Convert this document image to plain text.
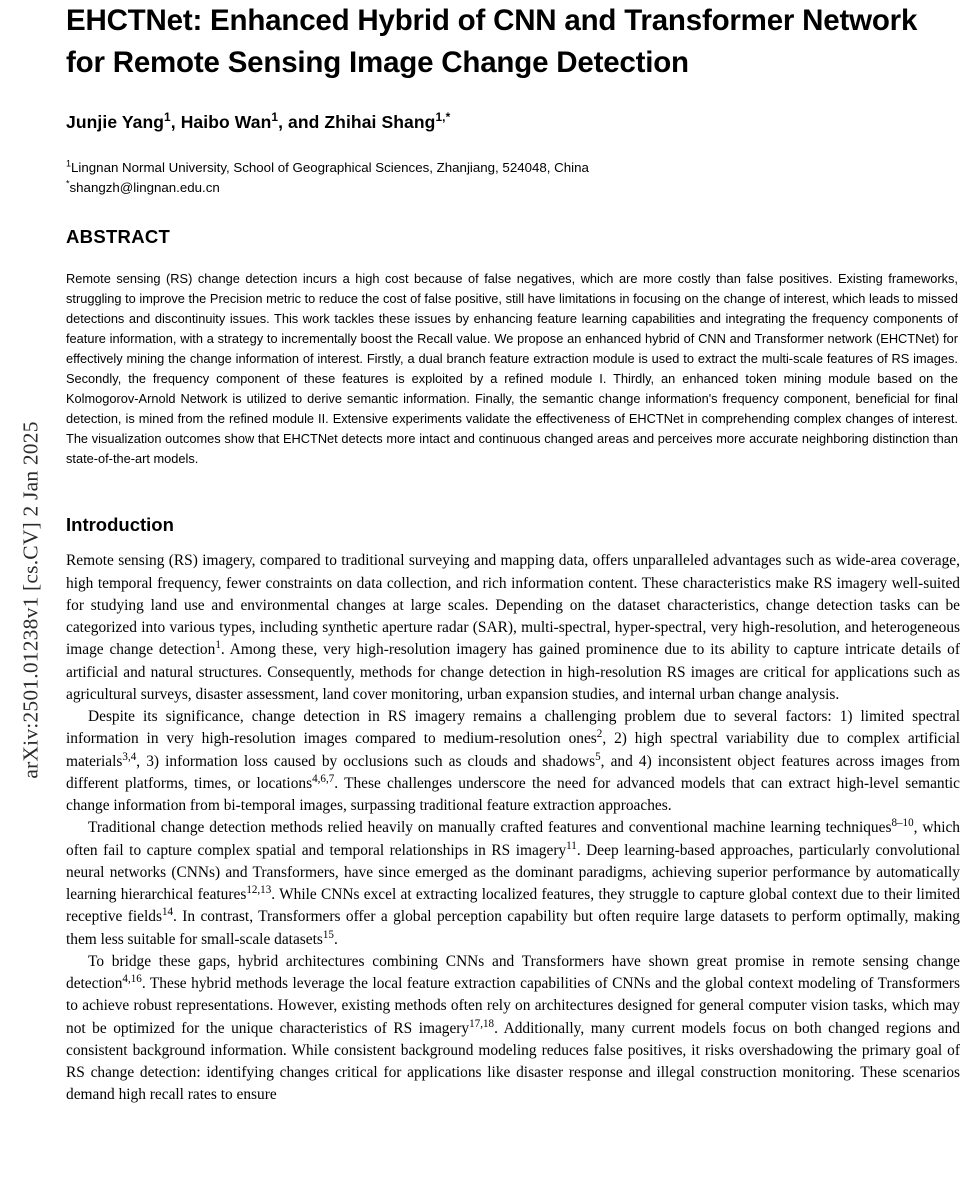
arXiv:2501.01238v1 [cs.CV] 2 Jan 2025
EHCTNet: Enhanced Hybrid of CNN and Transformer Network for Remote Sensing Image Change Detection
Junjie Yang$^1$, Haibo Wan$^1$, and Zhihai Shang$^{1,*}$
$^1$Lingnan Normal University, School of Geographical Sciences, Zhanjiang, 524048, China
*shangzh@lingnan.edu.cn
ABSTRACT
Remote sensing (RS) change detection incurs a high cost because of false negatives, which are more costly than false positives. Existing frameworks, struggling to improve the Precision metric to reduce the cost of false positive, still have limitations in focusing on the change of interest, which leads to missed detections and discontinuity issues. This work tackles these issues by enhancing feature learning capabilities and integrating the frequency components of feature information, with a strategy to incrementally boost the Recall value. We propose an enhanced hybrid of CNN and Transformer network (EHCTNet) for effectively mining the change information of interest. Firstly, a dual branch feature extraction module is used to extract the multi-scale features of RS images. Secondly, the frequency component of these features is exploited by a refined module I. Thirdly, an enhanced token mining module based on the Kolmogorov-Arnold Network is utilized to derive semantic information. Finally, the semantic change information's frequency component, beneficial for final detection, is mined from the refined module II. Extensive experiments validate the effectiveness of EHCTNet in comprehending complex changes of interest. The visualization outcomes show that EHCTNet detects more intact and continuous changed areas and perceives more accurate neighboring distinction than state-of-the-art models.
Introduction

Remote sensing (RS) imagery, compared to traditional surveying and mapping data, offers unparalleled advantages such as wide-area coverage, high temporal frequency, fewer constraints on data collection, and rich information content. These characteristics make RS imagery well-suited for studying land use and environmental changes at large scales. Depending on the dataset characteristics, change detection tasks can be categorized into various types, including synthetic aperture radar (SAR), multi-spectral, hyper-spectral, very high-resolution, and heterogeneous image change detection$^1$. Among these, very high-resolution imagery has gained prominence due to its ability to capture intricate details of artificial and natural structures. Consequently, methods for change detection in high-resolution RS images are critical for applications such as agricultural surveys, disaster assessment, land cover monitoring, urban expansion studies, and internal urban change analysis.

Despite its significance, change detection in RS imagery remains a challenging problem due to several factors: 1) limited spectral information in very high-resolution images compared to medium-resolution ones$^2$, 2) high spectral variability due to complex artificial materials$^{3,4}$, 3) information loss caused by occlusions such as clouds and shadows$^5$, and 4) inconsistent object features across images from different platforms, times, or locations$^{4,6,7}$. These challenges underscore the need for advanced models that can extract high-level semantic change information from bi-temporal images, surpassing traditional feature extraction approaches.

Traditional change detection methods relied heavily on manually crafted features and conventional machine learning techniques$^{8-10}$, which often fail to capture complex spatial and temporal relationships in RS imagery$^{11}$. Deep learning-based approaches, particularly convolutional neural networks (CNNs) and Transformers, have since emerged as the dominant paradigms, achieving superior performance by automatically learning hierarchical features$^{12,13}$. While CNNs excel at extracting localized features, they struggle to capture global context due to their limited receptive fields$^{14}$. In contrast, Transformers offer a global perception capability but often require large datasets to perform optimally, making them less suitable for small-scale datasets$^{15}$.

To bridge these gaps, hybrid architectures combining CNNs and Transformers have shown great promise in remote sensing change detection$^{4,16}$. These hybrid methods leverage the local feature extraction capabilities of CNNs and the global context modeling of Transformers to achieve robust representations. However, existing methods often rely on architectures designed for general computer vision tasks, which may not be optimized for the unique characteristics of RS imagery$^{17,18}$. Additionally, many current models focus on both changed regions and consistent background information. While consistent background modeling reduces false positives, it risks overshadowing the primary goal of RS change detection: identifying changes critical for applications like disaster response and illegal construction monitoring. These scenarios demand high recall rates to ensure
